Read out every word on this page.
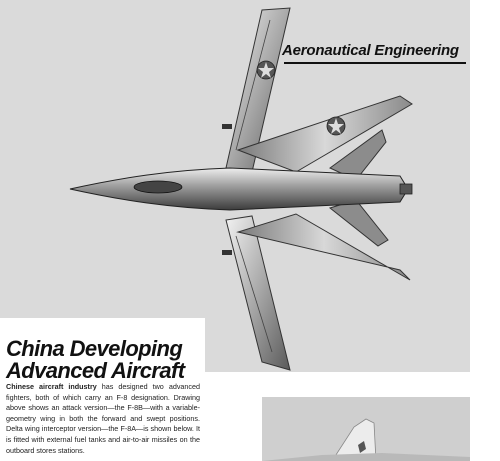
Aeronautical Engineering
China Developing
Advanced Aircraft
Chinese aircraft industry has designed two advanced fighters, both of which carry an F-8 designation. Drawing above shows an attack version—the F-8B—with a variable-geometry wing in both the forward and swept positions. Delta wing interceptor version—the F-8A—is shown below. It is fitted with external fuel tanks and air-to-air missiles on the outboard stores stations.
